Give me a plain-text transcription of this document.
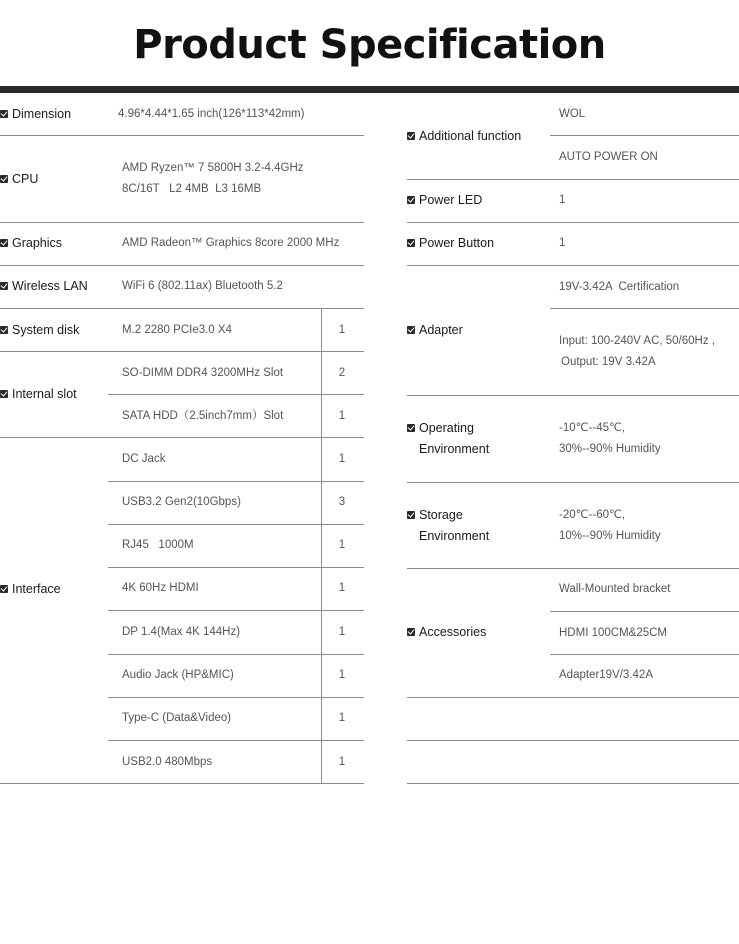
Product Specification
Dimension	4.96*4.44*1.65 inch(126*113*42mm)
CPU
AMD Ryzen™ 7 5800H 3.2-4.4GHz
8C/16T   L2 4MB  L3 16MB
Graphics	AMD Radeon™ Graphics 8core 2000 MHz
Wireless LAN	WiFi 6 (802.11ax) Bluetooth 5.2
System disk	M.2 2280 PCIe3.0 X4	1
Internal slot
SO-DIMM DDR4 3200MHz Slot	2
SATA HDD（2.5inch7mm）Slot	1
Interface
DC Jack	1
USB3.2 Gen2(10Gbps)	3
RJ45   1000M	1
4K 60Hz HDMI	1
DP 1.4(Max 4K 144Hz)	1
Audio Jack (HP&MIC)	1
Type-C (Data&Video)	1
USB2.0 480Mbps	1
Additional function
WOL
AUTO POWER ON
Power LED	1
Power Button	1
Adapter
19V-3.42A  Certification
Input: 100-240V AC, 50/60Hz ,
Output: 19V 3.42A
Operating
Environment
-10℃--45℃,
30%--90% Humidity
Storage
Environment
-20℃--60℃,
10%--90% Humidity
Accessories
Wall-Mounted bracket
HDMI 100CM&25CM
Adapter19V/3.42A
